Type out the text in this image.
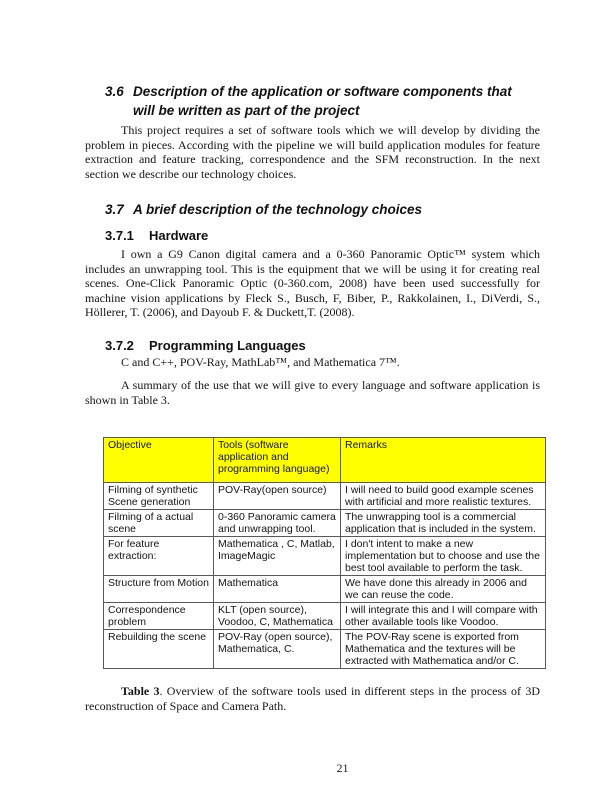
3.6 Description of the application or software components that
will be written as part of the project

This project requires a set of software tools which we will develop by dividing the problem in pieces. According with the pipeline we will build application modules for feature extraction and feature tracking, correspondence and the SFM reconstruction. In the next section we describe our technology choices.

3.7 A brief description of the technology choices
3.7.1	Hardware

I own a G9 Canon digital camera and a 0-360 Panoramic Optic™ system which includes an unwrapping tool. This is the equipment that we will be using it for creating real scenes. One-Click Panoramic Optic (0-360.com, 2008) have been used successfully for machine vision applications by Fleck S., Busch, F, Biber, P., Rakkolainen, I., DiVerdi, S., Höllerer, T. (2006), and Dayoub F. & Duckett,T. (2008).

3.7.2	Programming Languages

C and C++, POV-Ray, MathLab™, and Mathematica 7™.

A summary of the use that we will give to every language and software application is shown in Table 3.

Objective	Tools (software application and programming language)	Remarks
Filming of synthetic Scene generation	POV-Ray(open source)	I will need to build good example scenes with artificial and more realistic textures.
Filming of a actual scene	0-360 Panoramic camera and unwrapping tool.	The unwrapping tool is a commercial application that is included in the system.
For feature extraction:	Mathematica , C, Matlab, ImageMagic	I don't intent to make a new implementation but to choose and use the best tool available to perform the task.
Structure from Motion	Mathematica	We have done this already in 2006 and we can reuse the code.
Correspondence problem	KLT (open source), Voodoo, C, Mathematica	I will integrate this and I will compare with other available tools like Voodoo.
Rebuilding the scene	POV-Ray (open source), Mathematica, C.	The POV-Ray scene is exported from Mathematica and the textures will be extracted with Mathematica and/or C.

Table 3. Overview of the software tools used in different steps in the process of 3D reconstruction of Space and Camera Path.

21
